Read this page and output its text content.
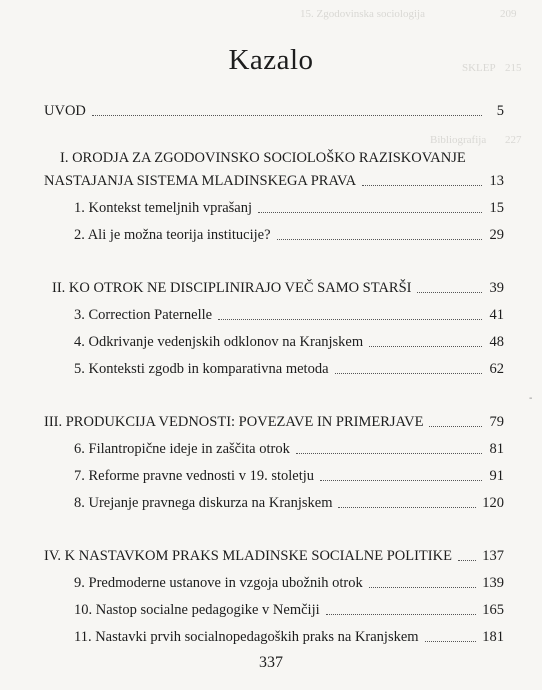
15. Zgodovinska sociologija
SKLEP
Bibliografija
209
215
227
Kazalo
UVOD	5
I. ORODJA ZA ZGODOVINSKO SOCIOLOŠKO RAZISKOVANJE
NASTAJANJA SISTEMA MLADINSKEGA PRAVA	13
1. Kontekst temeljnih vprašanj	15
2. Ali je možna teorija institucije?	29
II. KO OTROK NE DISCIPLINIRAJO VEČ SAMO STARŠI	39
3. Correction Paternelle	41
4. Odkrivanje vedenjskih odklonov na Kranjskem	48
5. Konteksti zgodb in komparativna metoda	62
-
III. PRODUKCIJA VEDNOSTI: POVEZAVE IN PRIMERJAVE	79
6. Filantropične ideje in zaščita otrok	81
7. Reforme pravne vednosti v 19. stoletju	91
8. Urejanje pravnega diskurza na Kranjskem	120
IV. K NASTAVKOM PRAKS MLADINSKE SOCIALNE POLITIKE 137
9. Predmoderne ustanove in vzgoja ubožnih otrok	139
10. Nastop socialne pedagogike v Nemčiji	165
11. Nastavki prvih socialnopedagoških praks na Kranjskem	181
337
